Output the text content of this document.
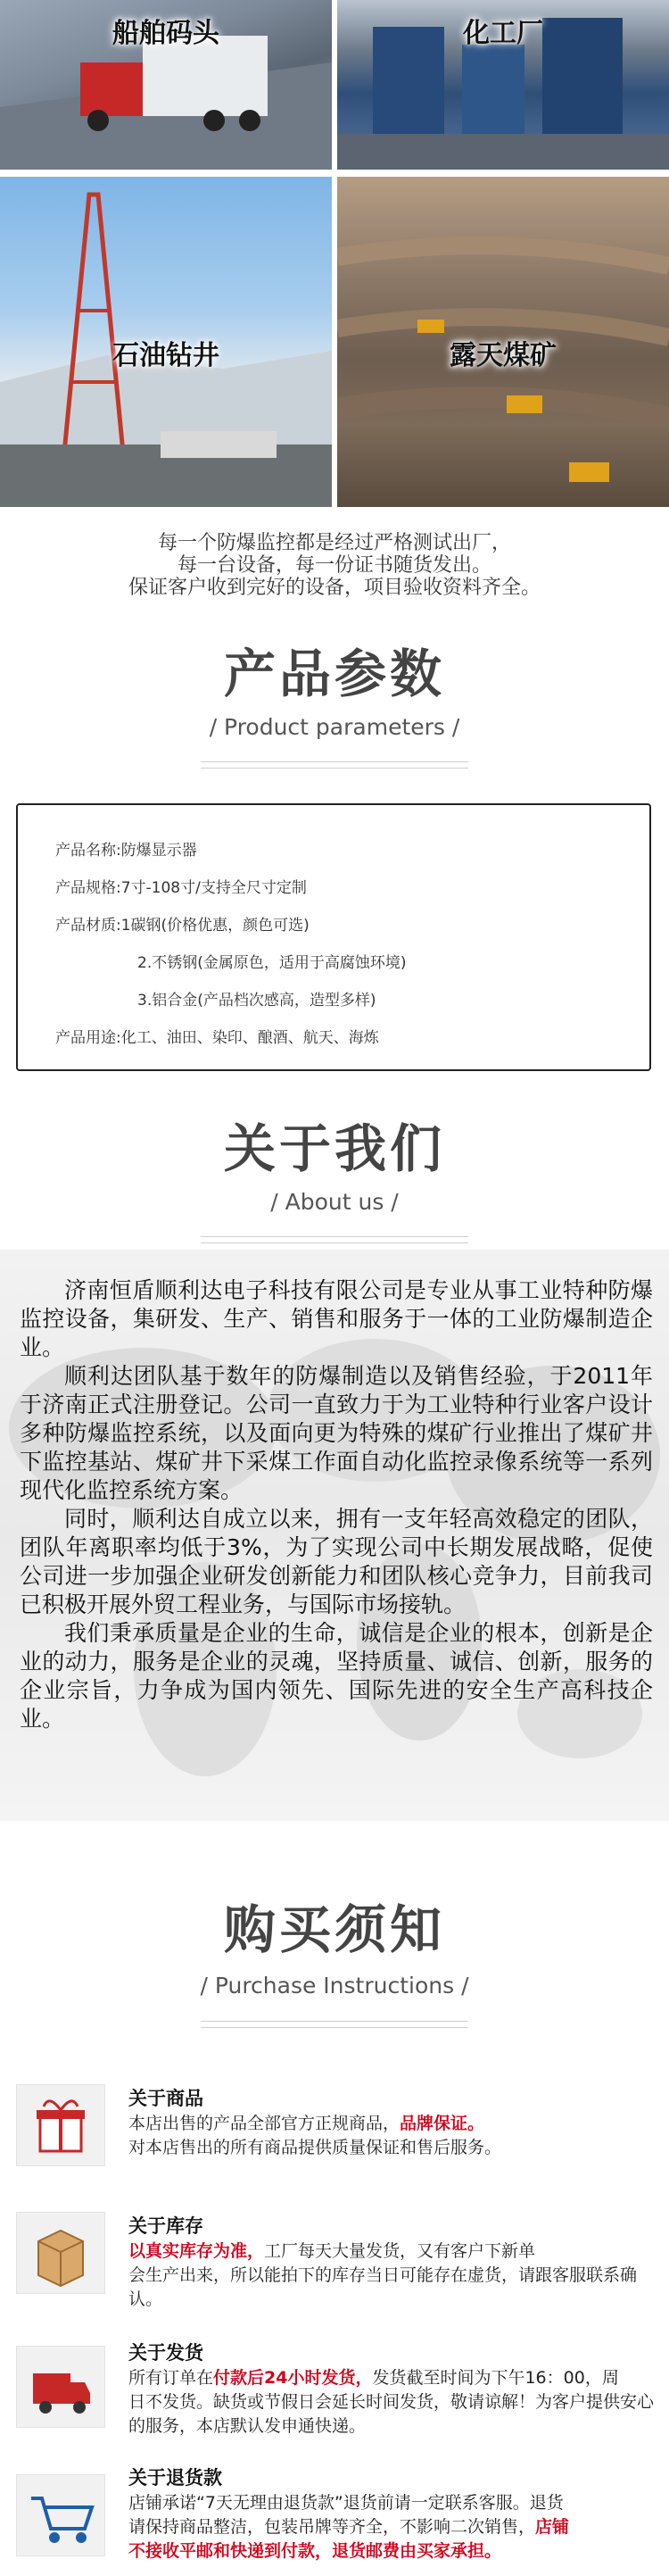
船舶码头	化工厂
石油钻井	露天煤矿
每一个防爆监控都是经过严格测试出厂，
每一台设备，每一份证书随货发出。
保证客户收到完好的设备，项目验收资料齐全。
产品参数
/ Product parameters /
产品名称:防爆显示器
产品规格:7寸-108寸/支持全尺寸定制
产品材质:1碳钢(价格优惠，颜色可选)
2.不锈钢(金属原色，适用于高腐蚀环境)
3.铝合金(产品档次感高，造型多样)
产品用途:化工、油田、染印、酿酒、航天、海炼
关于我们
/ About us /
济南恒盾顺利达电子科技有限公司是专业从事工业特种防爆监控设备，集研发、生产、销售和服务于一体的工业防爆制造企业。
顺利达团队基于数年的防爆制造以及销售经验，于2011年于济南正式注册登记。公司一直致力于为工业特种行业客户设计多种防爆监控系统，以及面向更为特殊的煤矿行业推出了煤矿井下监控基站、煤矿井下采煤工作面自动化监控录像系统等一系列现代化监控系统方案。
同时，顺利达自成立以来，拥有一支年轻高效稳定的团队，团队年离职率均低于3%，为了实现公司中长期发展战略，促使公司进一步加强企业研发创新能力和团队核心竞争力，目前我司已积极开展外贸工程业务，与国际市场接轨。
我们秉承质量是企业的生命，诚信是企业的根本，创新是企业的动力，服务是企业的灵魂，坚持质量、诚信、创新，服务的企业宗旨，力争成为国内领先、国际先进的安全生产高科技企业。
购买须知
/ Purchase Instructions /
关于商品
本店出售的产品全部官方正规商品，品牌保证。
对本店售出的所有商品提供质量保证和售后服务。
关于库存
以真实库存为准，工厂每天大量发货，又有客户下新单
会生产出来，所以能拍下的库存当日可能存在虚货，请跟客服联系确认。
关于发货
所有订单在付款后24小时发货，发货截至时间为下午16：00，周
日不发货。缺货或节假日会延长时间发货，敬请谅解！为客户提供安心的服务，本店默认发申通快递。
关于退货款
店铺承诺“7天无理由退货款”退货前请一定联系客服。退货
请保持商品整洁，包装吊牌等齐全，不影响二次销售，店铺
不接收平邮和快递到付款，退货邮费由买家承担。
